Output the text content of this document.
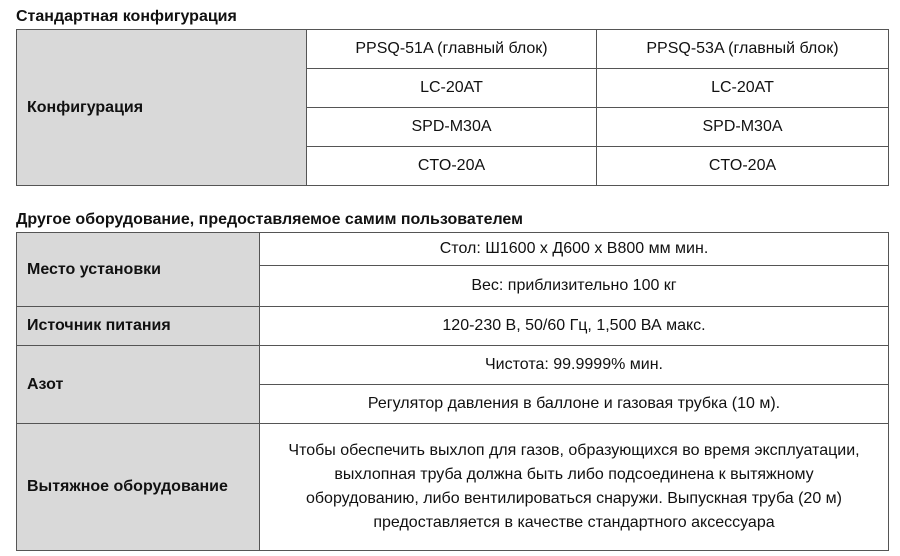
Стандартная конфигурация
Конфигурация	PPSQ-51A (главный блок)	PPSQ-53A (главный блок)
	LC-20AT	LC-20AT
	SPD-M30A	SPD-M30A
	CTO-20A	CTO-20A
Другое оборудование, предоставляемое самим пользователем
Место установки	Стол: Ш1600 х Д600 х В800 мм мин.
	Вес: приблизительно 100 кг
Источник питания	120-230 В, 50/60 Гц, 1,500 ВА макс.
Азот	Чистота: 99.9999% мин.
	Регулятор давления в баллоне и газовая трубка (10 м).
Вытяжное оборудование	Чтобы обеспечить выхлоп для газов, образующихся во время эксплуатации, выхлопная труба должна быть либо подсоединена к вытяжному оборудованию, либо вентилироваться снаружи. Выпускная труба (20 м) предоставляется в качестве стандартного аксессуара
